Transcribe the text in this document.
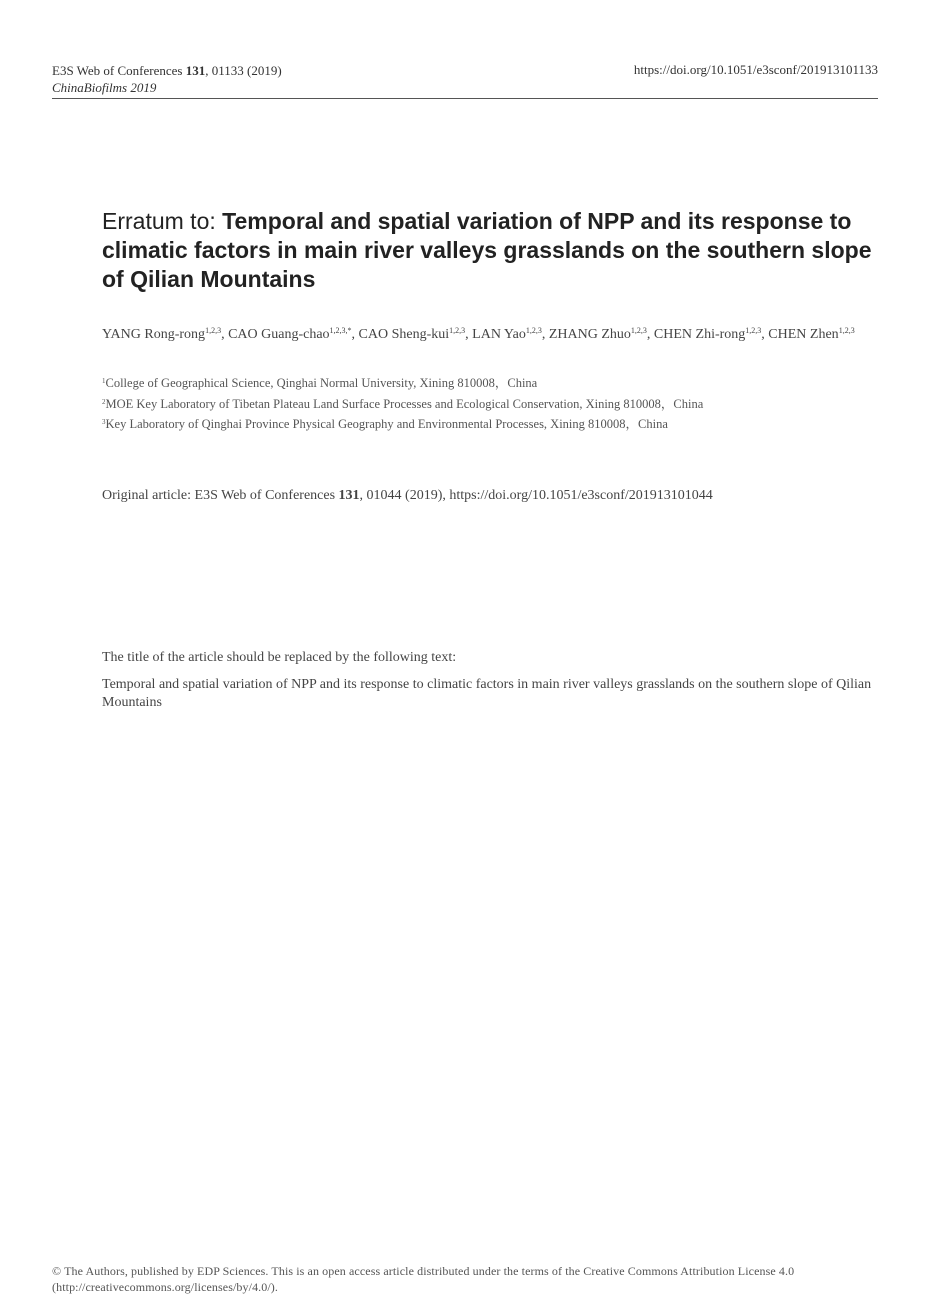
E3S Web of Conferences 131, 01133 (2019)
ChinaBiofilms 2019
https://doi.org/10.1051/e3sconf/201913101133
Erratum to: Temporal and spatial variation of NPP and its response to climatic factors in main river valleys grasslands on the southern slope of Qilian Mountains
YANG Rong-rong$^{1,2,3}$, CAO Guang-chao$^{1,2,3,*}$, CAO Sheng-kui$^{1,2,3}$, LAN Yao$^{1,2,3}$, ZHANG Zhuo$^{1,2,3}$, CHEN Zhi-rong$^{1,2,3}$, CHEN Zhen$^{1,2,3}$
$^1$College of Geographical Science, Qinghai Normal University, Xining 810008，China
$^2$MOE Key Laboratory of Tibetan Plateau Land Surface Processes and Ecological Conservation, Xining 810008，China
$^3$Key Laboratory of Qinghai Province Physical Geography and Environmental Processes, Xining 810008，China
Original article: E3S Web of Conferences 131, 01044 (2019), https://doi.org/10.1051/e3sconf/201913101044
The title of the article should be replaced by the following text:
Temporal and spatial variation of NPP and its response to climatic factors in main river valleys grasslands on the southern slope of Qilian Mountains
© The Authors, published by EDP Sciences. This is an open access article distributed under the terms of the Creative Commons Attribution License 4.0 (http://creativecommons.org/licenses/by/4.0/).
